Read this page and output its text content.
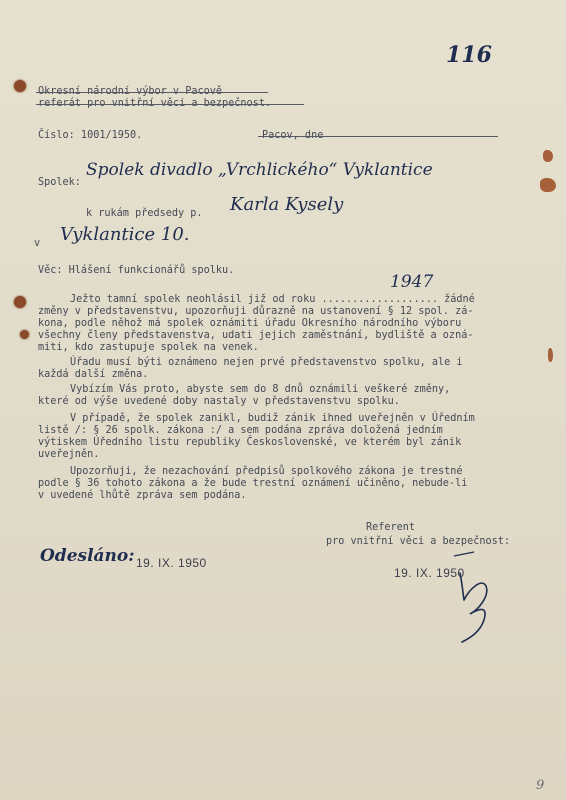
116
Číslo: 1001/1950.
Spolek:
Spolek divadlo „Vrchlického“ Vyklantice
k rukám předsedy p. Karla Kysely
v Vyklantice 10.
Věc: Hlášení funkcionářů spolku.
1947
Ježto tamní spolek neohlásil již od roku ................... žádné
změny v představenstvu, upozorňuji důrazně na ustanovení § 12 spol. zá-
kona, podle něhož má spolek oznámiti úřadu Okresního národního výboru
všechny členy představenstva, udati jejich zaměstnání, bydliště a ozná-
miti, kdo zastupuje spolek na venek.
Úřadu musí býti oznámeno nejen prvé představenstvo spolku, ale i
každá další změna.
Vybízím Vás proto, abyste sem do 8 dnů oznámili veškeré změny,
které od výše uvedené doby nastaly v představenstvu spolku.
V případě, že spolek zanikl, budiž zánik ihned uveřejněn v Úředním
listě /: § 26 spolk. zákona :/ a sem podána zpráva doložená jedním
výtiskem Úředního listu republiky Československé, ve kterém byl zánik
uveřejněn.
Upozorňuji, že nezachování předpisů spolkového zákona je trestné
podle § 36 tohoto zákona a že bude trestní oznámení učiněno, nebude-li
v uvedené lhůtě zpráva sem podána.
Referent
pro vnitřní věci a bezpečnost:
Odesláno: 19. IX. 1950
19. IX. 1950
9
